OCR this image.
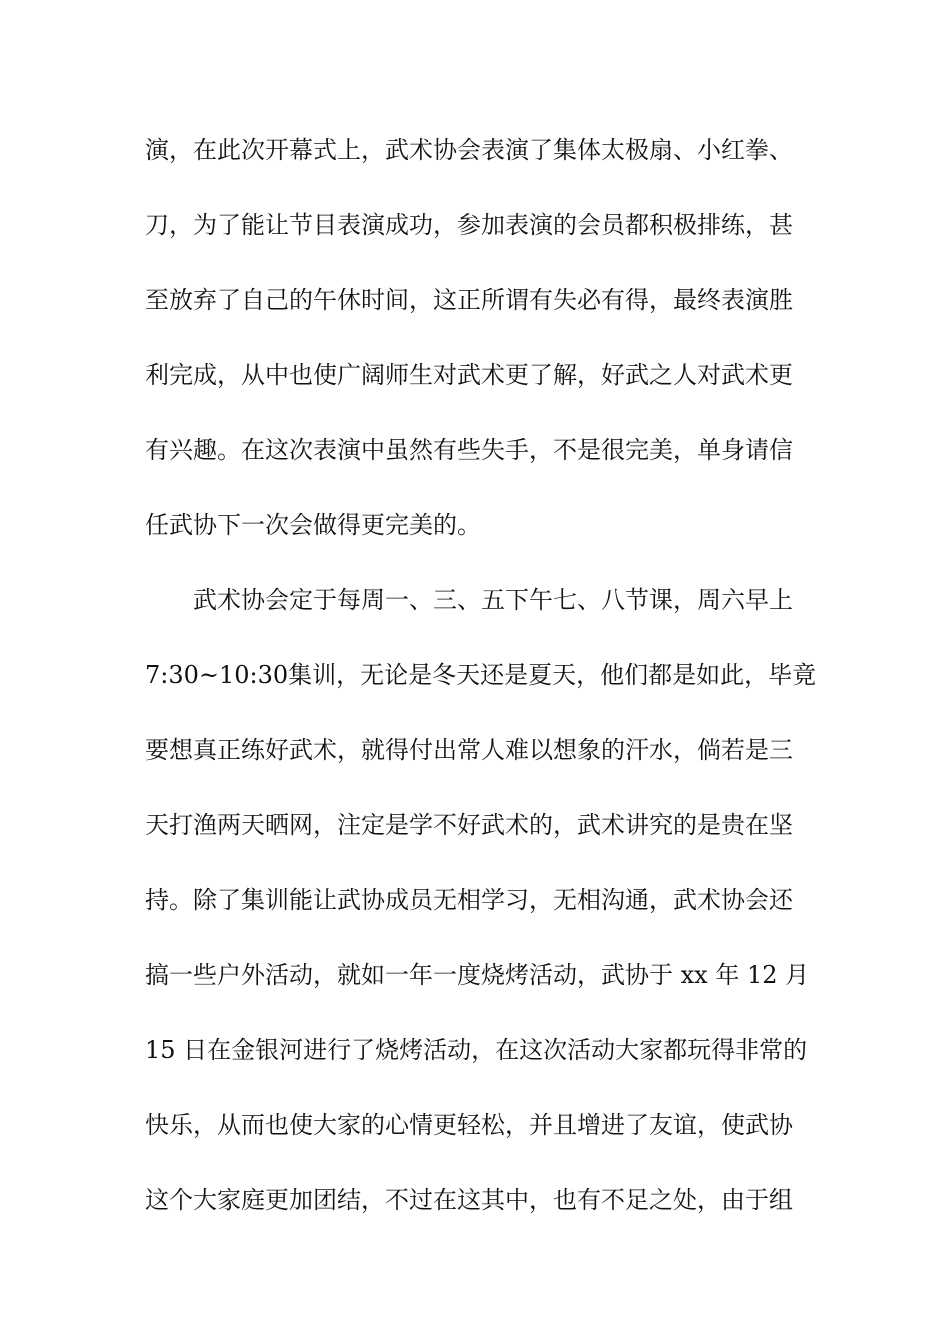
演，在此次开幕式上，武术协会表演了集体太极扇、小红拳、
刀，为了能让节目表演成功，参加表演的会员都积极排练，甚
至放弃了自己的午休时间，这正所谓有失必有得，最终表演胜
利完成，从中也使广阔师生对武术更了解，好武之人对武术更
有兴趣。在这次表演中虽然有些失手，不是很完美，单身请信
任武协下一次会做得更完美的。
武术协会定于每周一、三、五下午七、八节课，周六早上
7:30~10:30集训，无论是冬天还是夏天，他们都是如此，毕竟
要想真正练好武术，就得付出常人难以想象的汗水，倘若是三
天打渔两天晒网，注定是学不好武术的，武术讲究的是贵在坚
持。除了集训能让武协成员无相学习，无相沟通，武术协会还
搞一些户外活动，就如一年一度烧烤活动，武协于 xx 年 12 月
15 日在金银河进行了烧烤活动，在这次活动大家都玩得非常的
快乐，从而也使大家的心情更轻松，并且增进了友谊，使武协
这个大家庭更加团结，不过在这其中，也有不足之处，由于组
